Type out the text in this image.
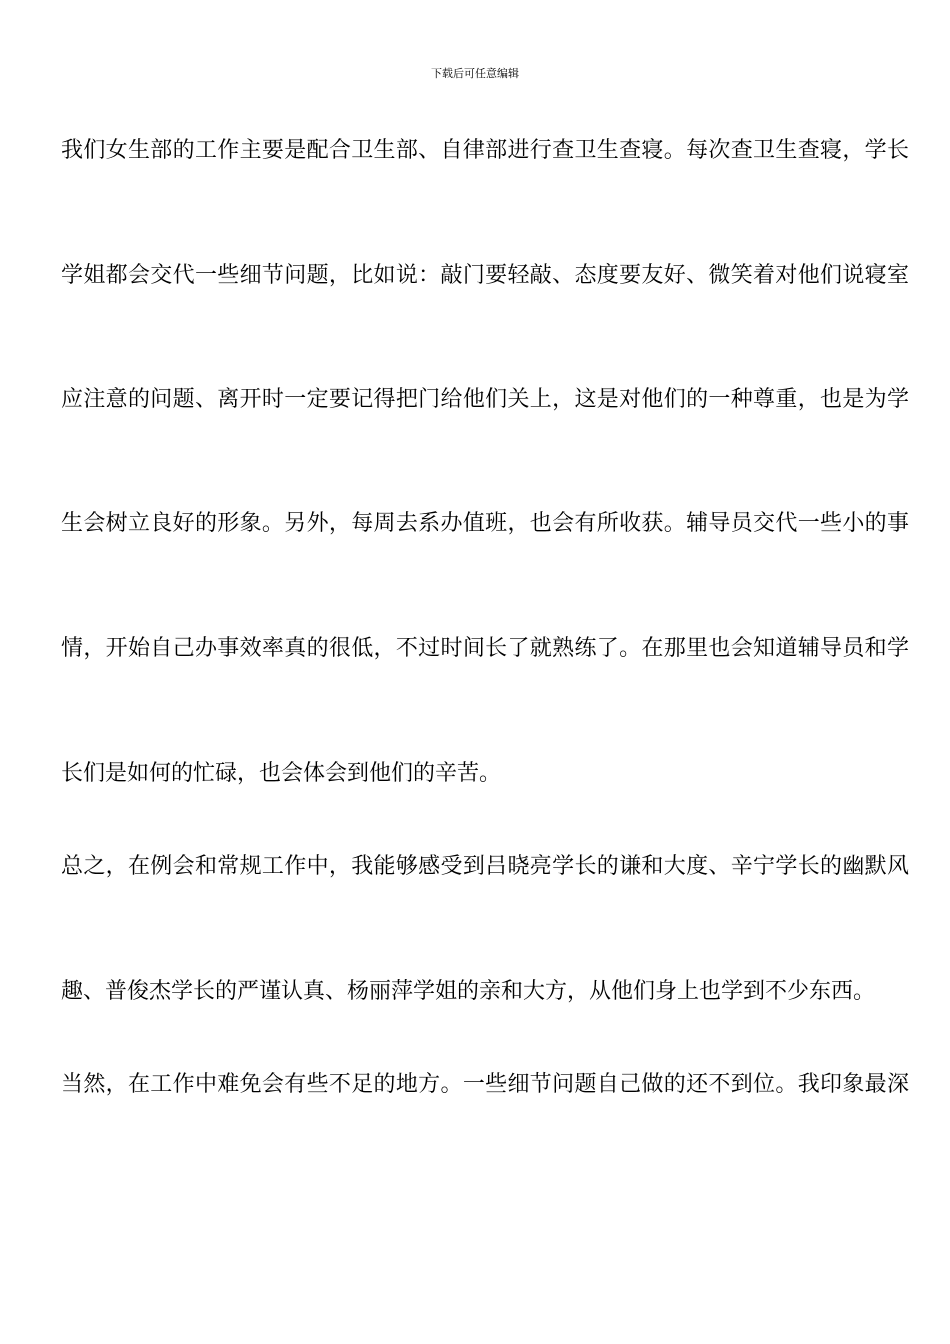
下载后可任意编辑
我们女生部的工作主要是配合卫生部、自律部进行查卫生查寝。每次查卫生查寝，学长
学姐都会交代一些细节问题，比如说：敲门要轻敲、态度要友好、微笑着对他们说寝室
应注意的问题、离开时一定要记得把门给他们关上，这是对他们的一种尊重，也是为学
生会树立良好的形象。另外，每周去系办值班，也会有所收获。辅导员交代一些小的事
情，开始自己办事效率真的很低，不过时间长了就熟练了。在那里也会知道辅导员和学
长们是如何的忙碌，也会体会到他们的辛苦。
总之，在例会和常规工作中，我能够感受到吕晓亮学长的谦和大度、辛宁学长的幽默风
趣、普俊杰学长的严谨认真、杨丽萍学姐的亲和大方，从他们身上也学到不少东西。
当然，在工作中难免会有些不足的地方。一些细节问题自己做的还不到位。我印象最深
